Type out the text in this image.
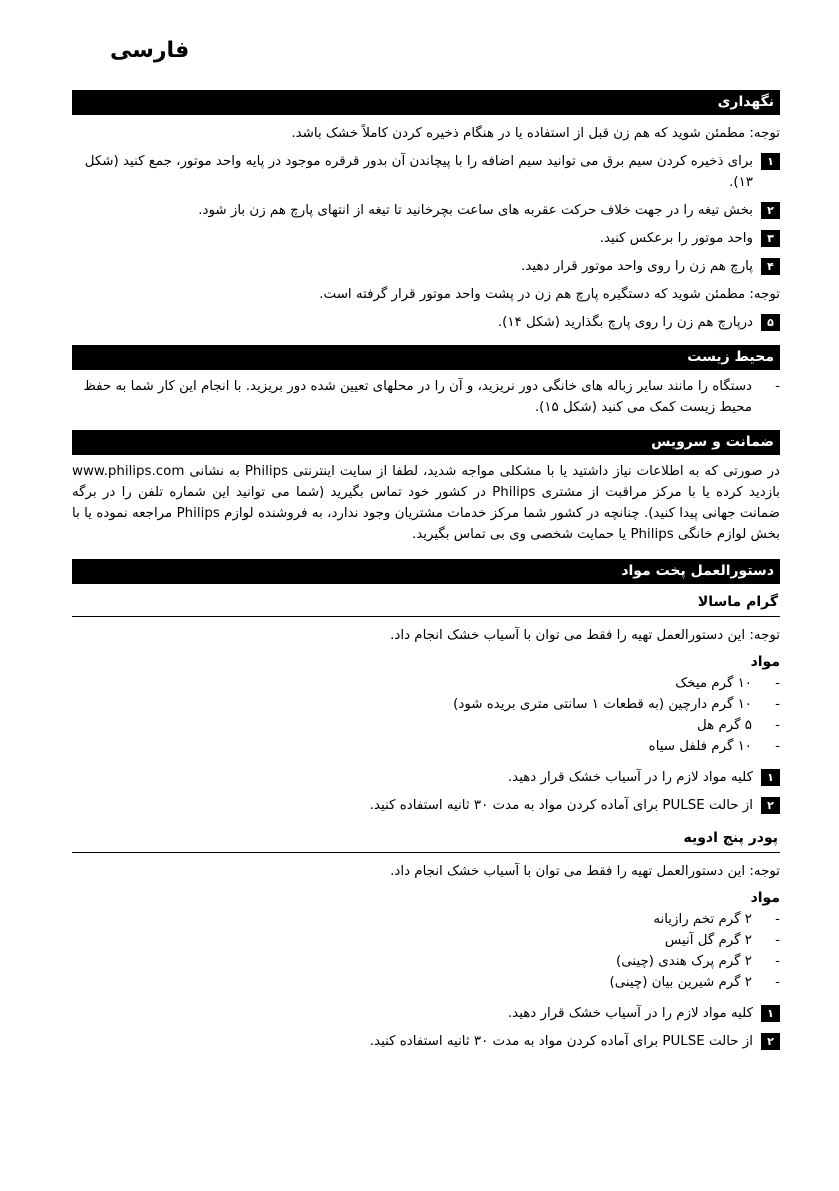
فارسی
نگهداری

توجه: مطمئن شوید که هم زن قبل از استفاده یا در هنگام ذخیره کردن کاملاً خشک باشد.

۱
برای ذخیره کردن سیم برق می توانید سیم اضافه را با پیچاندن آن بدور قرقره موجود در پایه واحد موتور، جمع کنید (شکل ۱۳).
۲
بخش تیغه را در جهت خلاف حرکت عقربه های ساعت بچرخانید تا تیغه از انتهای پارچ هم زن باز شود.
۳
واحد موتور را برعکس کنید.
۴
پارچ هم زن را روی واحد موتور قرار دهید.

توجه: مطمئن شوید که دستگیره پارچ هم زن در پشت واحد موتور قرار گرفته است.

۵
درپارچ هم زن را روی پارچ بگذارید (شکل ۱۴).
محیط زیست
-
دستگاه را مانند سایر زباله های خانگی دور نریزید، و آن را در محلهای تعیین شده دور بریزید. با انجام این کار شما به حفظ محیط زیست کمک می کنید (شکل ۱۵).
ضمانت و سرویس

در صورتی که به اطلاعات نیاز داشتید یا با مشکلی مواجه شدید، لطفا از سایت اینترنتی Philips به نشانی www.philips.com بازدید کرده یا با مرکز مراقبت از مشتری Philips در کشور خود تماس بگیرید (شما می توانید این شماره تلفن را در برگه ضمانت جهانی پیدا کنید). چنانچه در کشور شما مرکز خدمات مشتریان وجود ندارد، به فروشنده لوازم Philips مراجعه نموده یا با بخش لوازم خانگی Philips یا حمایت شخصی وی بی تماس بگیرید.

دستورالعمل پخت مواد
گرام ماسالا

توجه: این دستورالعمل تهیه را فقط می توان با آسیاب خشک انجام داد.

مواد
-
۱۰ گرم میخک
-
۱۰ گرم دارچین (به قطعات ۱ سانتی متری بریده شود)
-
۵ گرم هل
-
۱۰ گرم فلفل سیاه
۱
کلیه مواد لازم را در آسیاب خشک قرار دهید.
۲
از حالت PULSE برای آماده کردن مواد به مدت ۳۰ ثانیه استفاده کنید.
پودر پنج ادویه

توجه: این دستورالعمل تهیه را فقط می توان با آسیاب خشک انجام داد.

مواد
-
۲ گرم تخم رازیانه
-
۲ گرم گل آنیس
-
۲ گرم پرک هندی (چینی)
-
۲ گرم شیرین بیان (چینی)
۱
کلیه مواد لازم را در آسیاب خشک قرار دهید.
۲
از حالت PULSE برای آماده کردن مواد به مدت ۳۰ ثانیه استفاده کنید.
